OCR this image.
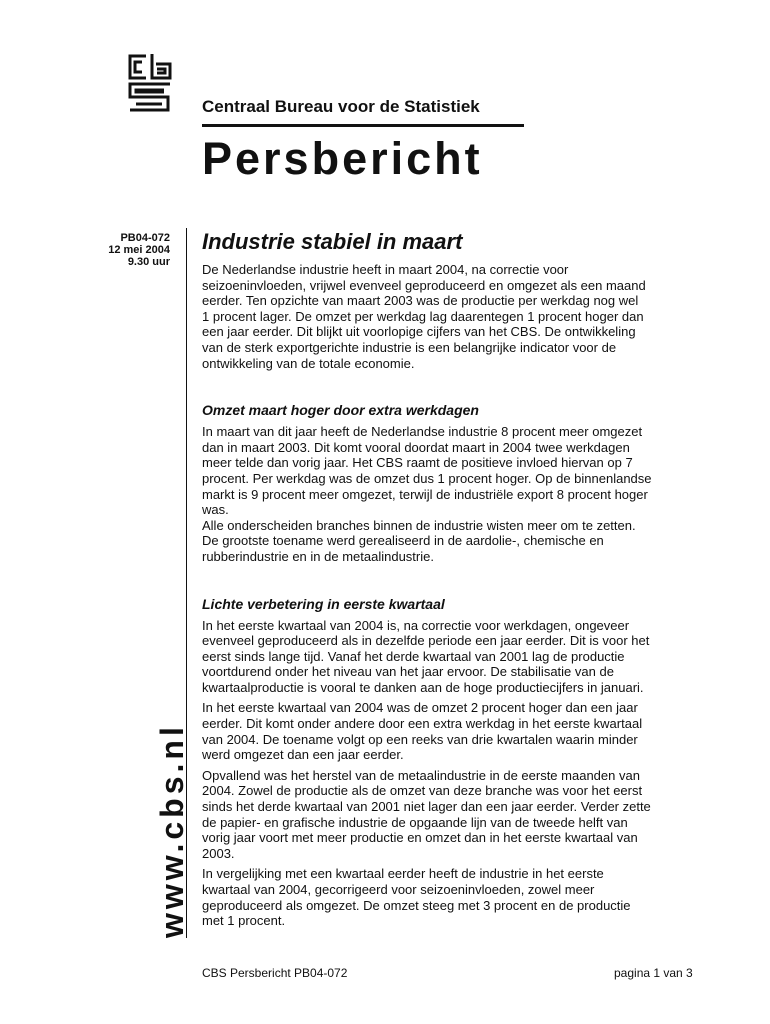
Centraal Bureau voor de Statistiek
Persbericht
PB04-072
12 mei 2004
9.30 uur
www.cbs.nl
Industrie stabiel in maart

De Nederlandse industrie heeft in maart 2004, na correctie voor

seizoeninvloeden, vrijwel evenveel geproduceerd en omgezet als een maand

eerder. Ten opzichte van maart 2003 was de productie per werkdag nog wel

1 procent lager. De omzet per werkdag lag daarentegen 1 procent hoger dan

een jaar eerder. Dit blijkt uit voorlopige cijfers van het CBS. De ontwikkeling

van de sterk exportgerichte industrie is een belangrijke indicator voor de

ontwikkeling van de totale economie.

Omzet maart hoger door extra werkdagen

In maart van dit jaar heeft de Nederlandse industrie 8 procent meer omgezet

dan in maart 2003. Dit komt vooral doordat maart in 2004 twee werkdagen

meer telde dan vorig jaar. Het CBS raamt de positieve invloed hiervan op 7

procent. Per werkdag was de omzet dus 1 procent hoger. Op de binnenlandse

markt is 9 procent meer omgezet, terwijl de industriële export 8 procent hoger

was.

Alle onderscheiden branches binnen de industrie wisten meer om te zetten.

De grootste toename werd gerealiseerd in de aardolie-, chemische en

rubberindustrie en in de metaalindustrie.

Lichte verbetering in eerste kwartaal

In het eerste kwartaal van 2004 is, na correctie voor werkdagen, ongeveer

evenveel geproduceerd als in dezelfde periode een jaar eerder. Dit is voor het

eerst sinds lange tijd. Vanaf het derde kwartaal van 2001 lag de productie

voortdurend onder het niveau van het jaar ervoor. De stabilisatie van de

kwartaalproductie is vooral te danken aan de hoge productiecijfers in januari.

In het eerste kwartaal van 2004 was de omzet 2 procent hoger dan een jaar

eerder. Dit komt onder andere door een extra werkdag in het eerste kwartaal

van 2004. De toename volgt op een reeks van drie kwartalen waarin minder

werd omgezet dan een jaar eerder.

Opvallend was het herstel van de metaalindustrie in de eerste maanden van

2004. Zowel de productie als de omzet van deze branche was voor het eerst

sinds het derde kwartaal van 2001 niet lager dan een jaar eerder. Verder zette

de papier- en grafische industrie de opgaande lijn van de tweede helft van

vorig jaar voort met meer productie en omzet dan in het eerste kwartaal van

2003.

In vergelijking met een kwartaal eerder heeft de industrie in het eerste

kwartaal van 2004, gecorrigeerd voor seizoeninvloeden, zowel meer

geproduceerd als omgezet. De omzet steeg met 3 procent en de productie

met 1 procent.

CBS Persbericht PB04-072	pagina 1 van 3
